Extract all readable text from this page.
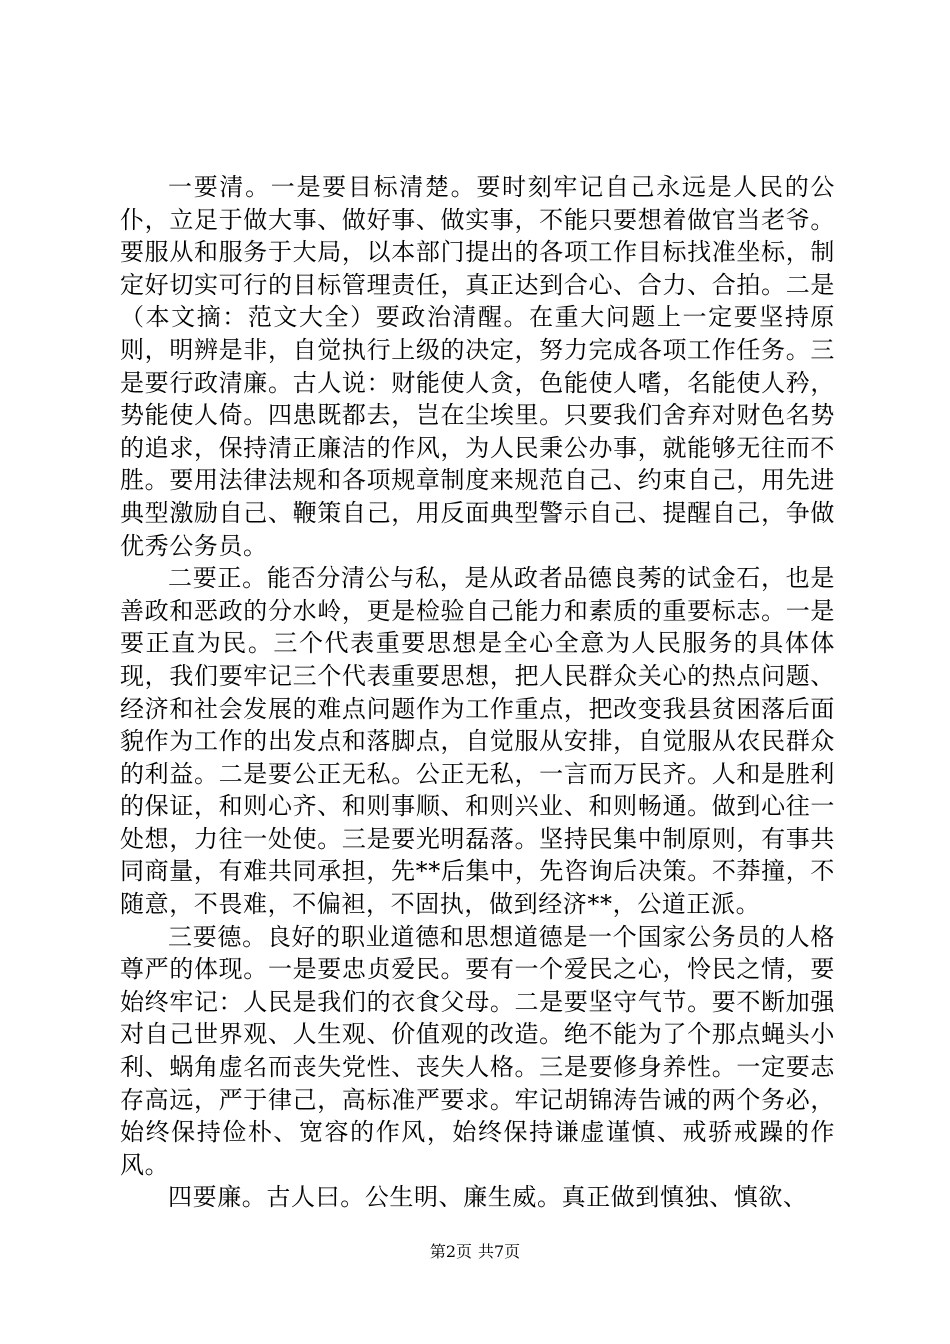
一要清。一是要目标清楚。要时刻牢记自己永远是人民的公仆，立足于做大事、做好事、做实事，不能只要想着做官当老爷。要服从和服务于大局，以本部门提出的各项工作目标找准坐标，制定好切实可行的目标管理责任，真正达到合心、合力、合拍。二是（本文摘：范文大全）要政治清醒。在重大问题上一定要坚持原则，明辨是非，自觉执行上级的决定，努力完成各项工作任务。三是要行政清廉。古人说：财能使人贪，色能使人嗜，名能使人矜，势能使人倚。四患既都去，岂在尘埃里。只要我们舍弃对财色名势的追求，保持清正廉洁的作风，为人民秉公办事，就能够无往而不胜。要用法律法规和各项规章制度来规范自己、约束自己，用先进典型激励自己、鞭策自己，用反面典型警示自己、提醒自己，争做优秀公务员。

二要正。能否分清公与私，是从政者品德良莠的试金石，也是善政和恶政的分水岭，更是检验自己能力和素质的重要标志。一是要正直为民。三个代表重要思想是全心全意为人民服务的具体体现，我们要牢记三个代表重要思想，把人民群众关心的热点问题、经济和社会发展的难点问题作为工作重点，把改变我县贫困落后面貌作为工作的出发点和落脚点，自觉服从安排，自觉服从农民群众的利益。二是要公正无私。公正无私，一言而万民齐。人和是胜利的保证，和则心齐、和则事顺、和则兴业、和则畅通。做到心往一处想，力往一处使。三是要光明磊落。坚持民集中制原则，有事共同商量，有难共同承担，先**后集中，先咨询后决策。不莽撞，不随意，不畏难，不偏袒，不固执，做到经济**，公道正派。

三要德。良好的职业道德和思想道德是一个国家公务员的人格尊严的体现。一是要忠贞爱民。要有一个爱民之心，怜民之情，要始终牢记：人民是我们的衣食父母。二是要坚守气节。要不断加强对自己世界观、人生观、价值观的改造。绝不能为了个那点蝇头小利、蜗角虚名而丧失党性、丧失人格。三是要修身养性。一定要志存高远，严于律己，高标准严要求。牢记胡锦涛告诫的两个务必，始终保持俭朴、宽容的作风，始终保持谦虚谨慎、戒骄戒躁的作风。

四要廉。古人曰。公生明、廉生威。真正做到慎独、慎欲、

第2页 共7页
